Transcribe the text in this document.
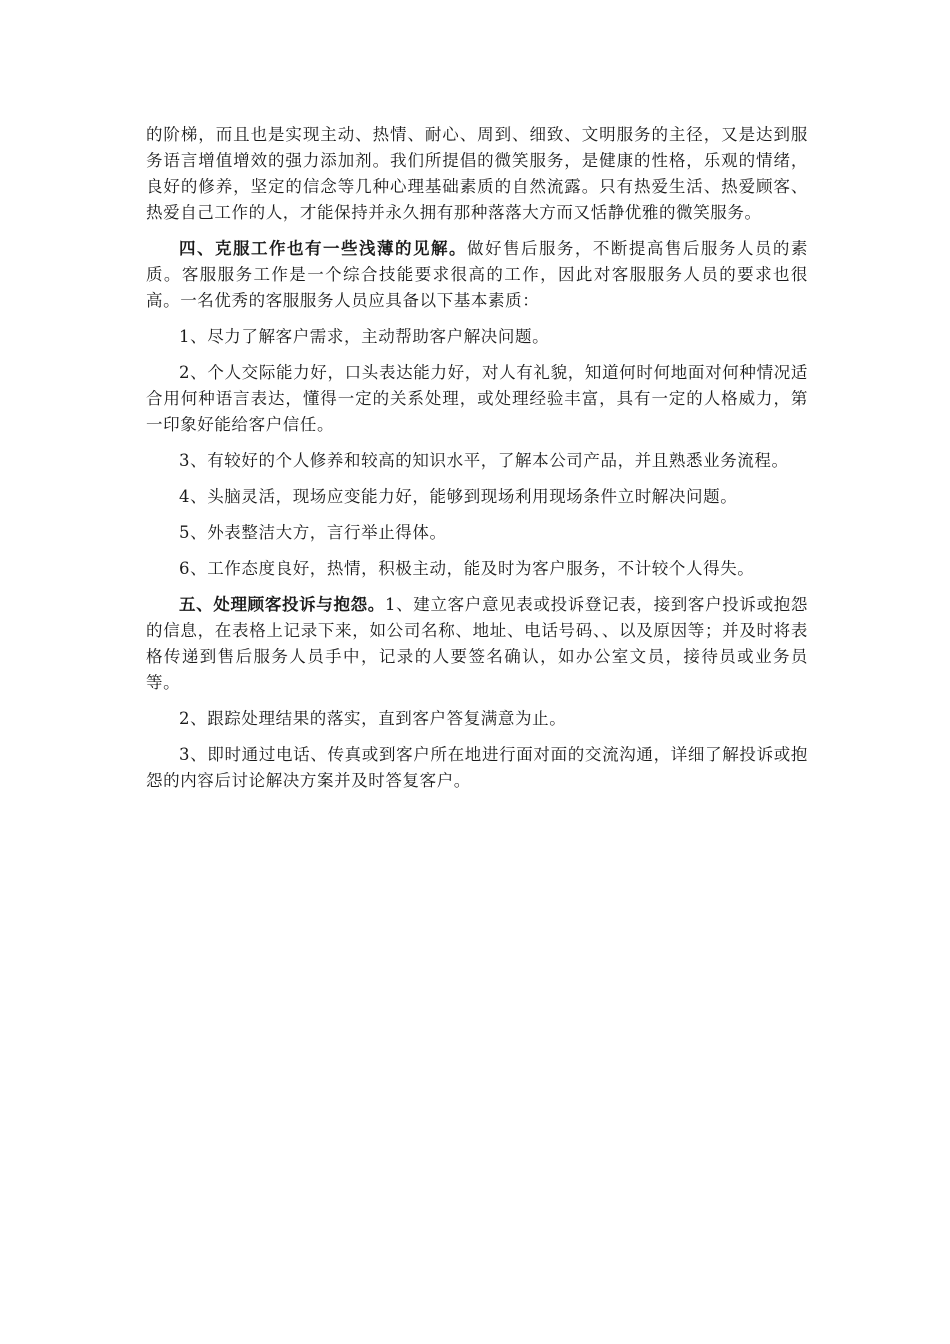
的阶梯，而且也是实现主动、热情、耐心、周到、细致、文明服务的主径，又是达到服务语言增值增效的强力添加剂。我们所提倡的微笑服务，是健康的性格，乐观的情绪，良好的修养，坚定的信念等几种心理基础素质的自然流露。只有热爱生活、热爱顾客、热爱自己工作的人，才能保持并永久拥有那种落落大方而又恬静优雅的微笑服务。

四、克服工作也有一些浅薄的见解。做好售后服务，不断提高售后服务人员的素质。客服服务工作是一个综合技能要求很高的工作，因此对客服服务人员的要求也很高。一名优秀的客服服务人员应具备以下基本素质：

1、尽力了解客户需求，主动帮助客户解决问题。

2、个人交际能力好，口头表达能力好，对人有礼貌，知道何时何地面对何种情况适合用何种语言表达，懂得一定的关系处理，或处理经验丰富，具有一定的人格威力，第一印象好能给客户信任。

3、有较好的个人修养和较高的知识水平，了解本公司产品，并且熟悉业务流程。

4、头脑灵活，现场应变能力好，能够到现场利用现场条件立时解决问题。

5、外表整洁大方，言行举止得体。

6、工作态度良好，热情，积极主动，能及时为客户服务，不计较个人得失。

五、处理顾客投诉与抱怨。1、建立客户意见表或投诉登记表，接到客户投诉或抱怨的信息，在表格上记录下来，如公司名称、地址、电话号码、、以及原因等；并及时将表格传递到售后服务人员手中，记录的人要签名确认，如办公室文员，接待员或业务员等。

2、跟踪处理结果的落实，直到客户答复满意为止。

3、即时通过电话、传真或到客户所在地进行面对面的交流沟通，详细了解投诉或抱怨的内容后讨论解决方案并及时答复客户。
